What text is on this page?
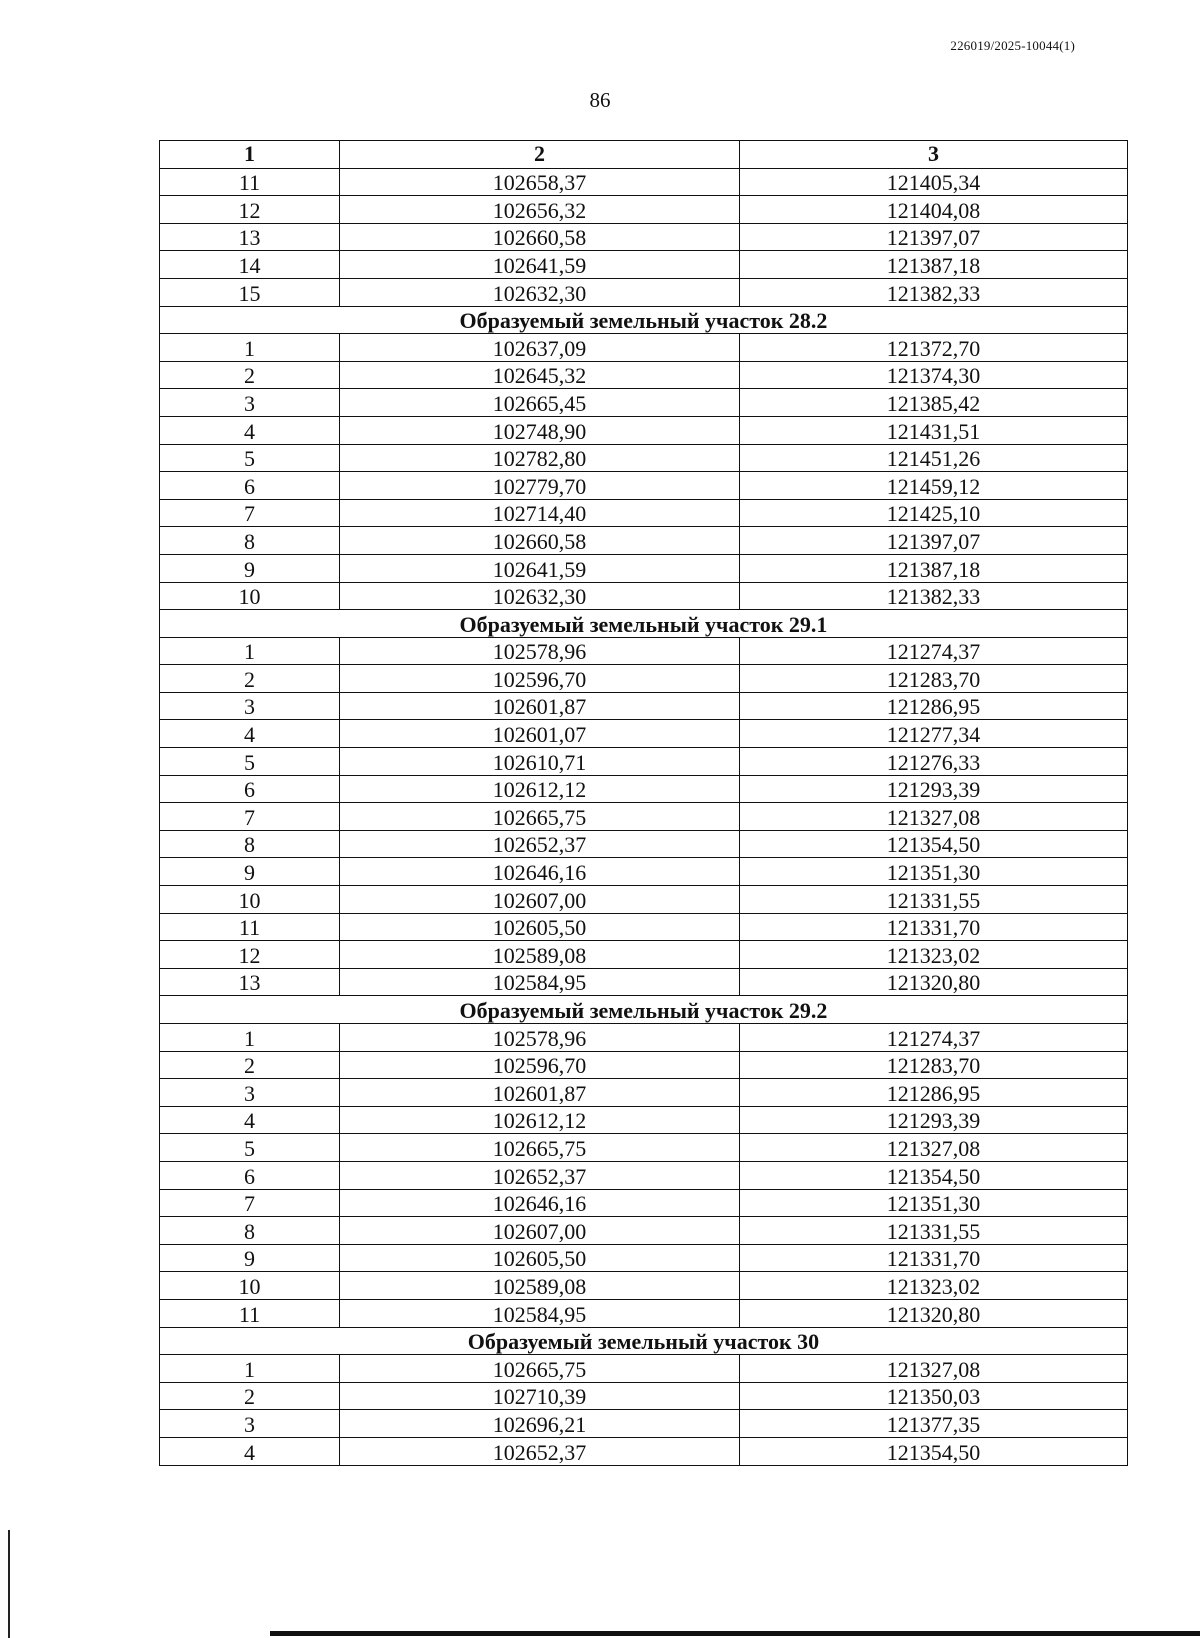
226019/2025-10044(1)
86
1	2	3
11	102658,37	121405,34
12	102656,32	121404,08
13	102660,58	121397,07
14	102641,59	121387,18
15	102632,30	121382,33
Образуемый земельный участок 28.2		
1	102637,09	121372,70
2	102645,32	121374,30
3	102665,45	121385,42
4	102748,90	121431,51
5	102782,80	121451,26
6	102779,70	121459,12
7	102714,40	121425,10
8	102660,58	121397,07
9	102641,59	121387,18
10	102632,30	121382,33
Образуемый земельный участок 29.1		
1	102578,96	121274,37
2	102596,70	121283,70
3	102601,87	121286,95
4	102601,07	121277,34
5	102610,71	121276,33
6	102612,12	121293,39
7	102665,75	121327,08
8	102652,37	121354,50
9	102646,16	121351,30
10	102607,00	121331,55
11	102605,50	121331,70
12	102589,08	121323,02
13	102584,95	121320,80
Образуемый земельный участок 29.2		
1	102578,96	121274,37
2	102596,70	121283,70
3	102601,87	121286,95
4	102612,12	121293,39
5	102665,75	121327,08
6	102652,37	121354,50
7	102646,16	121351,30
8	102607,00	121331,55
9	102605,50	121331,70
10	102589,08	121323,02
11	102584,95	121320,80
Образуемый земельный участок 30		
1	102665,75	121327,08
2	102710,39	121350,03
3	102696,21	121377,35
4	102652,37	121354,50
